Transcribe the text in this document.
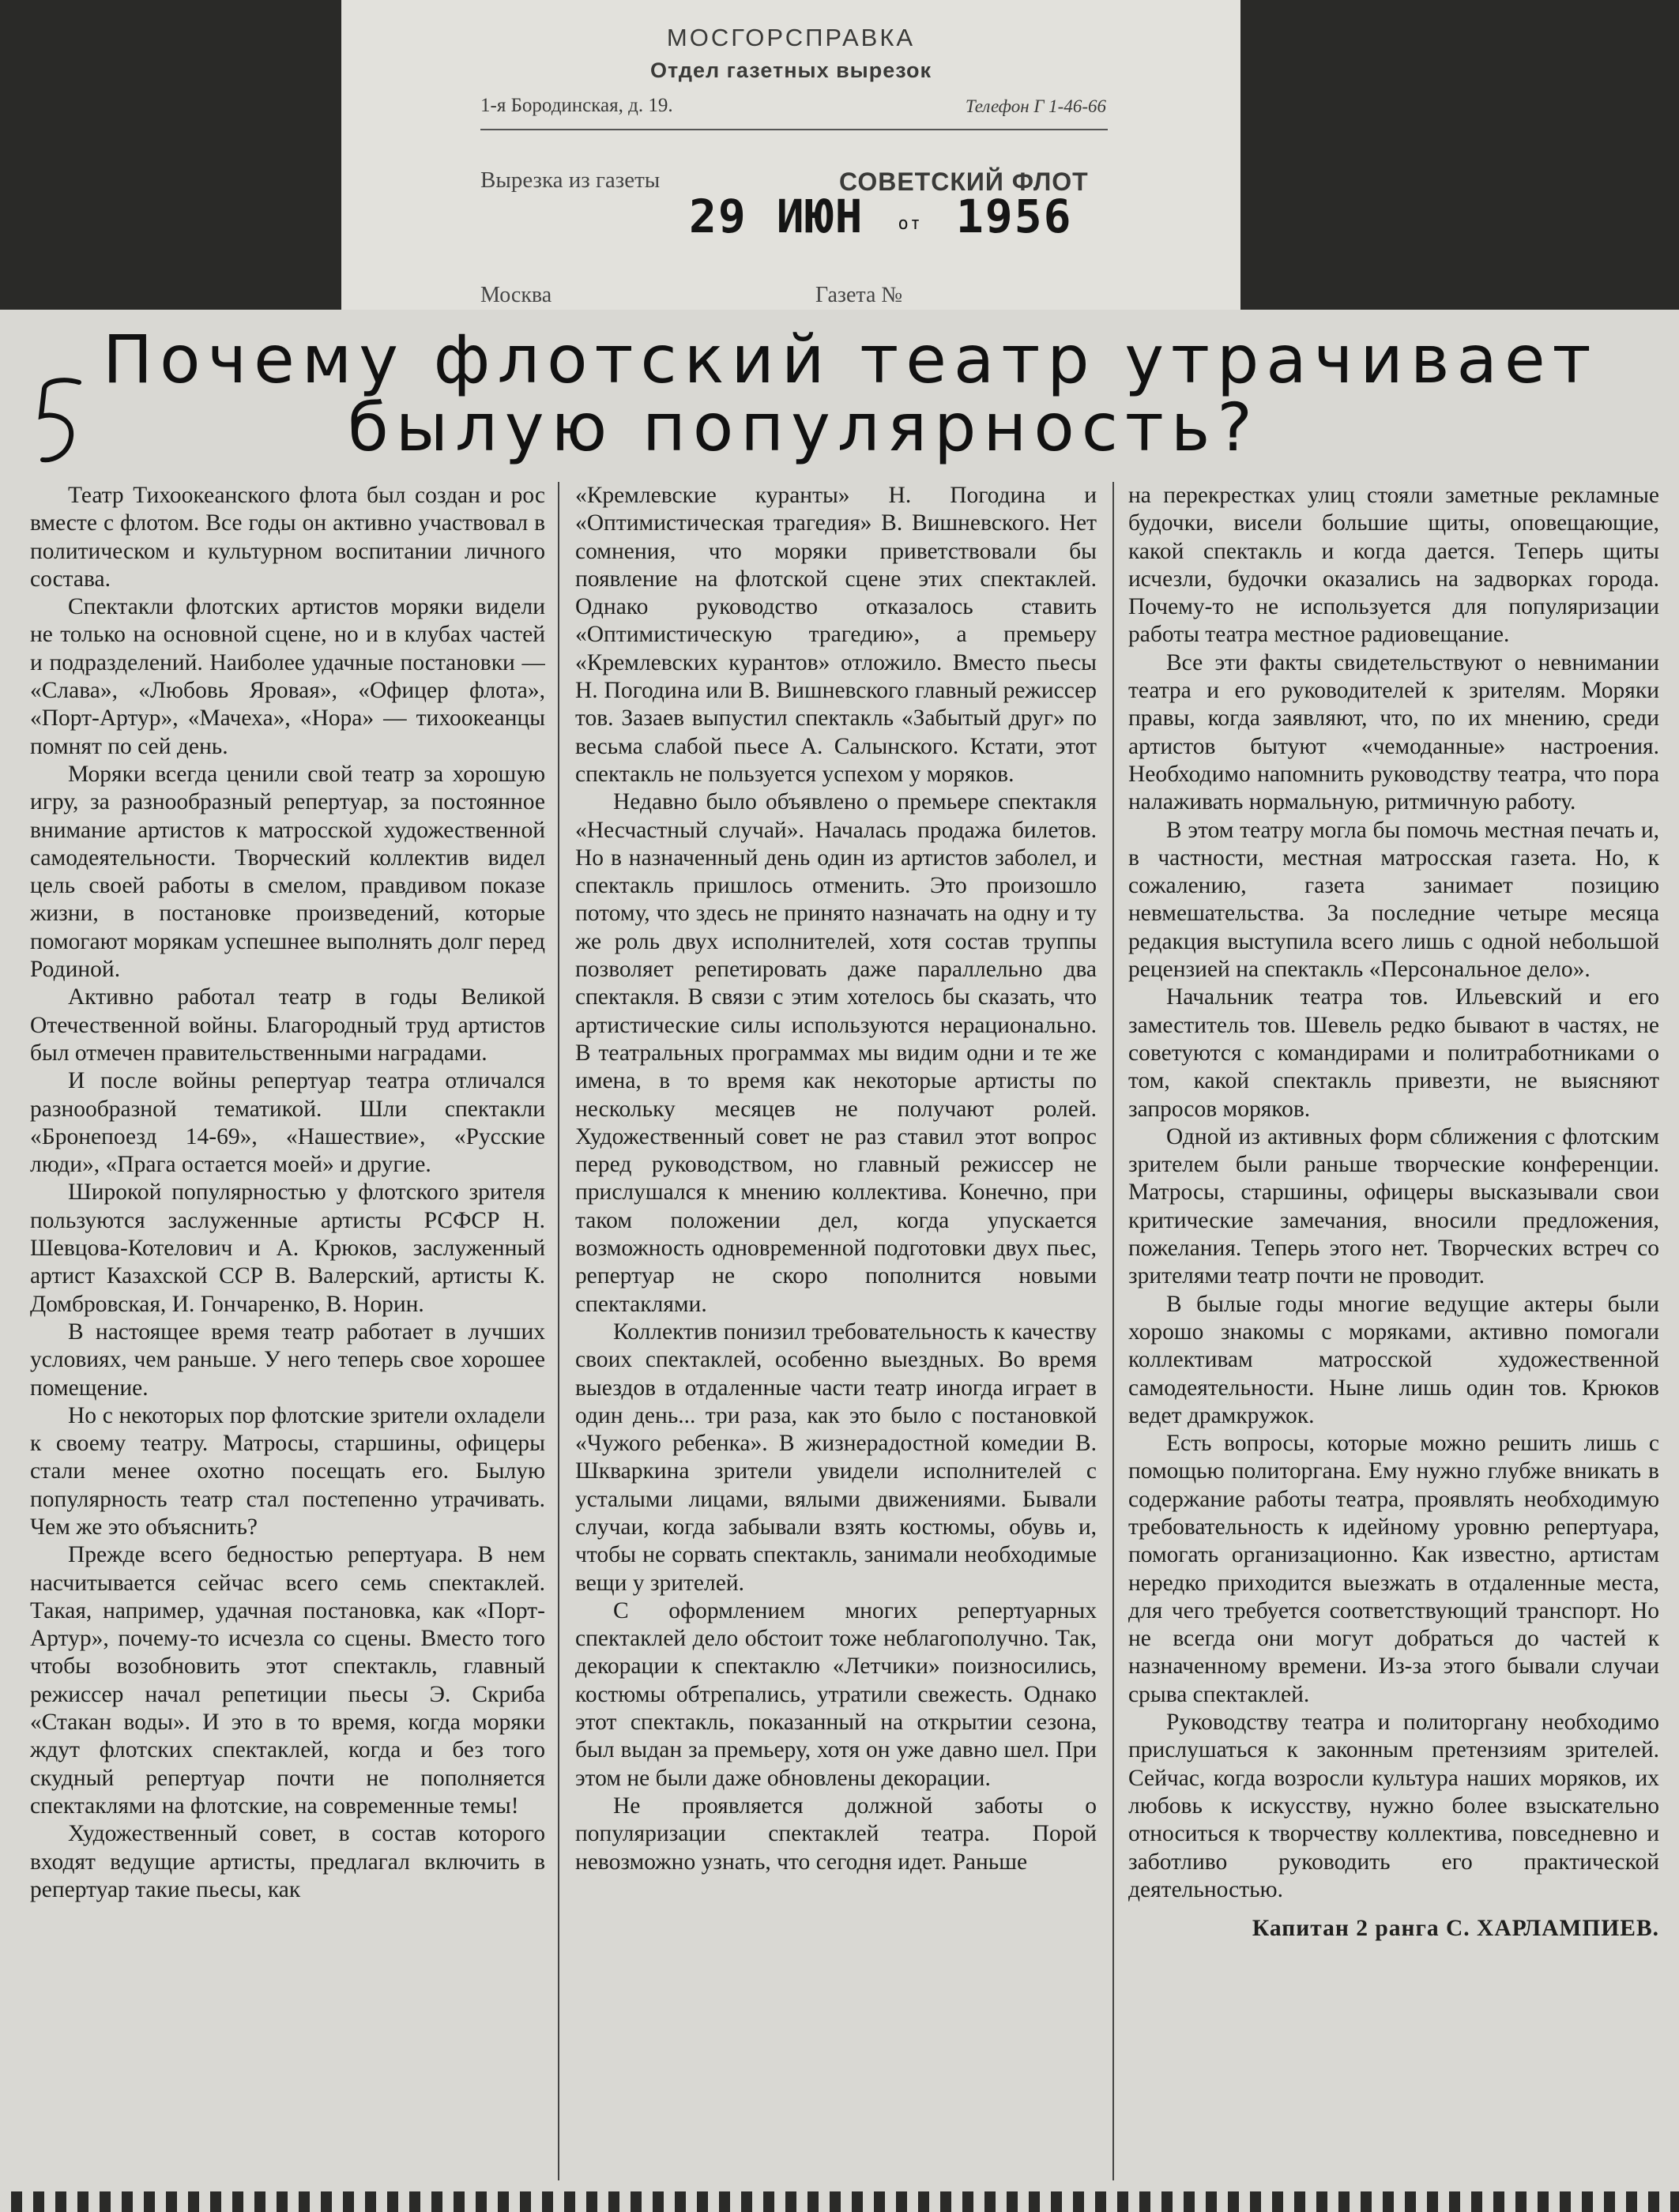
МОСГОРСПРАВКА
Отдел газетных вырезок
1-я Бородинская, д. 19.	Телефон Г 1-46-66
Вырезка из газеты	СОВЕТСКИЙ ФЛОТ
29 ИЮН от 1956
Москва	Газета №
Почему флотский театр утрачивает
былую популярность?

Театр Тихоокеанского флота был создан и рос вместе с флотом. Все годы он активно участвовал в политическом и культурном воспитании личного состава.

Спектакли флотских артистов моряки видели не только на основной сцене, но и в клубах частей и подразделений. Наиболее удачные постановки — «Слава», «Любовь Яровая», «Офицер флота», «Порт-Артур», «Мачеха», «Нора» — тихоокеанцы помнят по сей день.

Моряки всегда ценили свой театр за хорошую игру, за разнообразный репертуар, за постоянное внимание артистов к матросской художественной самодеятельности. Творческий коллектив видел цель своей работы в смелом, правдивом показе жизни, в постановке произведений, которые помогают морякам успешнее выполнять долг перед Родиной.

Активно работал театр в годы Великой Отечественной войны. Благородный труд артистов был отмечен правительственными наградами.

И после войны репертуар театра отличался разнообразной тематикой. Шли спектакли «Бронепоезд 14-69», «Нашествие», «Русские люди», «Прага остается моей» и другие.

Широкой популярностью у флотского зрителя пользуются заслуженные артисты РСФСР Н. Шевцова-Котелович и А. Крюков, заслуженный артист Казахской ССР В. Валерский, артисты К. Домбровская, И. Гончаренко, В. Норин.

В настоящее время театр работает в лучших условиях, чем раньше. У него теперь свое хорошее помещение.

Но с некоторых пор флотские зрители охладели к своему театру. Матросы, старшины, офицеры стали менее охотно посещать его. Былую популярность театр стал постепенно утрачивать. Чем же это объяснить?

Прежде всего бедностью репертуара. В нем насчитывается сейчас всего семь спектаклей. Такая, например, удачная постановка, как «Порт-Артур», почему-то исчезла со сцены. Вместо того чтобы возобновить этот спектакль, главный режиссер начал репетиции пьесы Э. Скриба «Стакан воды». И это в то время, когда моряки ждут флотских спектаклей, когда и без того скудный репертуар почти не пополняется спектаклями на флотские, на современные темы!

Художественный совет, в состав которого входят ведущие артисты, предлагал включить в репертуар такие пьесы, как

«Кремлевские куранты» Н. Погодина и «Оптимистическая трагедия» В. Вишневского. Нет сомнения, что моряки приветствовали бы появление на флотской сцене этих спектаклей. Однако руководство отказалось ставить «Оптимистическую трагедию», а премьеру «Кремлевских курантов» отложило. Вместо пьесы Н. Погодина или В. Вишневского главный режиссер тов. Зазаев выпустил спектакль «Забытый друг» по весьма слабой пьесе А. Салынского. Кстати, этот спектакль не пользуется успехом у моряков.

Недавно было объявлено о премьере спектакля «Несчастный случай». Началась продажа билетов. Но в назначенный день один из артистов заболел, и спектакль пришлось отменить. Это произошло потому, что здесь не принято назначать на одну и ту же роль двух исполнителей, хотя состав труппы позволяет репетировать даже параллельно два спектакля. В связи с этим хотелось бы сказать, что артистические силы используются нерационально. В театральных программах мы видим одни и те же имена, в то время как некоторые артисты по нескольку месяцев не получают ролей. Художественный совет не раз ставил этот вопрос перед руководством, но главный режиссер не прислушался к мнению коллектива. Конечно, при таком положении дел, когда упускается возможность одновременной подготовки двух пьес, репертуар не скоро пополнится новыми спектаклями.

Коллектив понизил требовательность к качеству своих спектаклей, особенно выездных. Во время выездов в отдаленные части театр иногда играет в один день... три раза, как это было с постановкой «Чужого ребенка». В жизнерадостной комедии В. Шкваркина зрители увидели исполнителей с усталыми лицами, вялыми движениями. Бывали случаи, когда забывали взять костюмы, обувь и, чтобы не сорвать спектакль, занимали необходимые вещи у зрителей.

С оформлением многих репертуарных спектаклей дело обстоит тоже неблагополучно. Так, декорации к спектаклю «Летчики» поизносились, костюмы обтрепались, утратили свежесть. Однако этот спектакль, показанный на открытии сезона, был выдан за премьеру, хотя он уже давно шел. При этом не были даже обновлены декорации.

Не проявляется должной заботы о популяризации спектаклей театра. Порой невозможно узнать, что сегодня идет. Раньше

на перекрестках улиц стояли заметные рекламные будочки, висели большие щиты, оповещающие, какой спектакль и когда дается. Теперь щиты исчезли, будочки оказались на задворках города. Почему-то не используется для популяризации работы театра местное радиовещание.

Все эти факты свидетельствуют о невнимании театра и его руководителей к зрителям. Моряки правы, когда заявляют, что, по их мнению, среди артистов бытуют «чемоданные» настроения. Необходимо напомнить руководству театра, что пора налаживать нормальную, ритмичную работу.

В этом театру могла бы помочь местная печать и, в частности, местная матросская газета. Но, к сожалению, газета занимает позицию невмешательства. За последние четыре месяца редакция выступила всего лишь с одной небольшой рецензией на спектакль «Персональное дело».

Начальник театра тов. Ильевский и его заместитель тов. Шевель редко бывают в частях, не советуются с командирами и политработниками о том, какой спектакль привезти, не выясняют запросов моряков.

Одной из активных форм сближения с флотским зрителем были раньше творческие конференции. Матросы, старшины, офицеры высказывали свои критические замечания, вносили предложения, пожелания. Теперь этого нет. Творческих встреч со зрителями театр почти не проводит.

В былые годы многие ведущие актеры были хорошо знакомы с моряками, активно помогали коллективам матросской художественной самодеятельности. Ныне лишь один тов. Крюков ведет драмкружок.

Есть вопросы, которые можно решить лишь с помощью политоргана. Ему нужно глубже вникать в содержание работы театра, проявлять необходимую требовательность к идейному уровню репертуара, помогать организационно. Как известно, артистам нередко приходится выезжать в отдаленные места, для чего требуется соответствующий транспорт. Но не всегда они могут добраться до частей к назначенному времени. Из-за этого бывали случаи срыва спектаклей.

Руководству театра и политоргану необходимо прислушаться к законным претензиям зрителей. Сейчас, когда возросли культура наших моряков, их любовь к искусству, нужно более взыскательно относиться к творчеству коллектива, повседневно и заботливо руководить его практической деятельностью.

Капитан 2 ранга С. ХАРЛАМПИЕВ.
